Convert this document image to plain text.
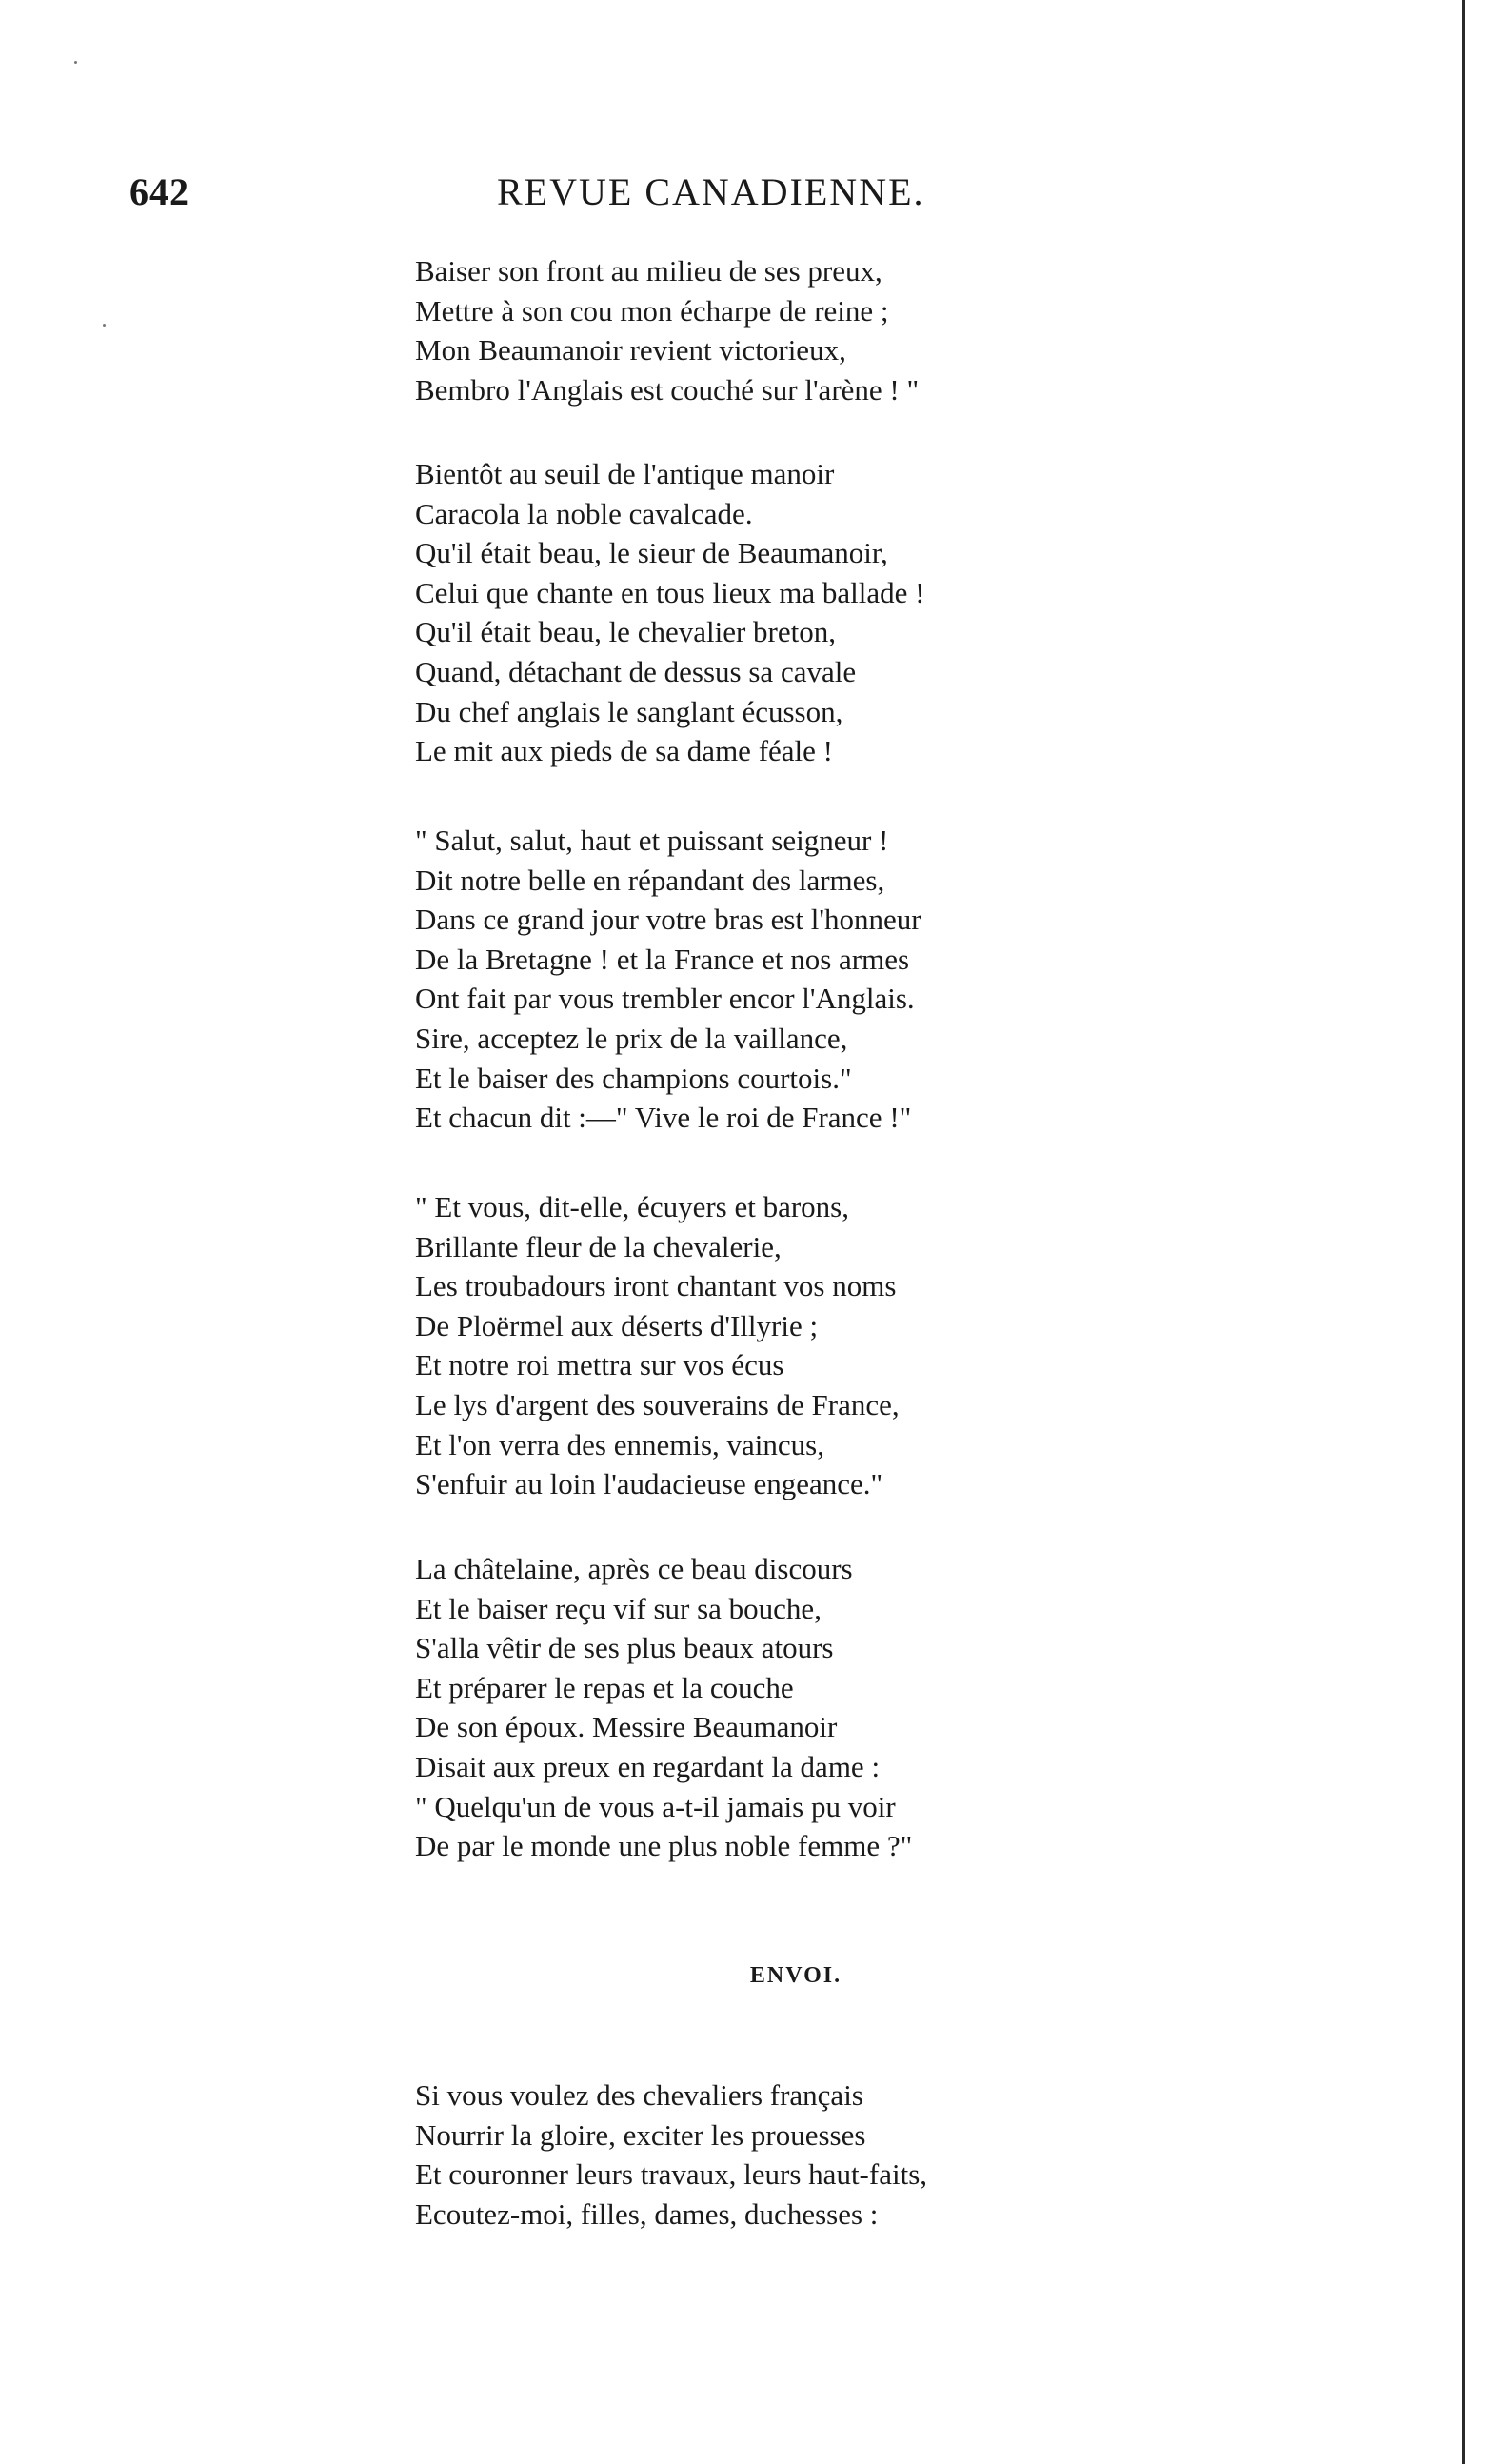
642	REVUE CANADIENNE.
Baiser son front au milieu de ses preux,
Mettre à son cou mon écharpe de reine ;
Mon Beaumanoir revient victorieux,
Bembro l'Anglais est couché sur l'arène ! "
Bientôt au seuil de l'antique manoir
Caracola la noble cavalcade.
Qu'il était beau, le sieur de Beaumanoir,
Celui que chante en tous lieux ma ballade !
Qu'il était beau, le chevalier breton,
Quand, détachant de dessus sa cavale
Du chef anglais le sanglant écusson,
Le mit aux pieds de sa dame féale !
" Salut, salut, haut et puissant seigneur !
Dit notre belle en répandant des larmes,
Dans ce grand jour votre bras est l'honneur
De la Bretagne ! et la France et nos armes
Ont fait par vous trembler encor l'Anglais.
Sire, acceptez le prix de la vaillance,
Et le baiser des champions courtois."
Et chacun dit :—" Vive le roi de France !"
" Et vous, dit-elle, écuyers et barons,
Brillante fleur de la chevalerie,
Les troubadours iront chantant vos noms
De Ploërmel aux déserts d'Illyrie ;
Et notre roi mettra sur vos écus
Le lys d'argent des souverains de France,
Et l'on verra des ennemis, vaincus,
S'enfuir au loin l'audacieuse engeance."
La châtelaine, après ce beau discours
Et le baiser reçu vif sur sa bouche,
S'alla vêtir de ses plus beaux atours
Et préparer le repas et la couche
De son époux. Messire Beaumanoir
Disait aux preux en regardant la dame :
" Quelqu'un de vous a-t-il jamais pu voir
De par le monde une plus noble femme ?"
ENVOI.
Si vous voulez des chevaliers français
Nourrir la gloire, exciter les prouesses
Et couronner leurs travaux, leurs haut-faits,
Ecoutez-moi, filles, dames, duchesses :
